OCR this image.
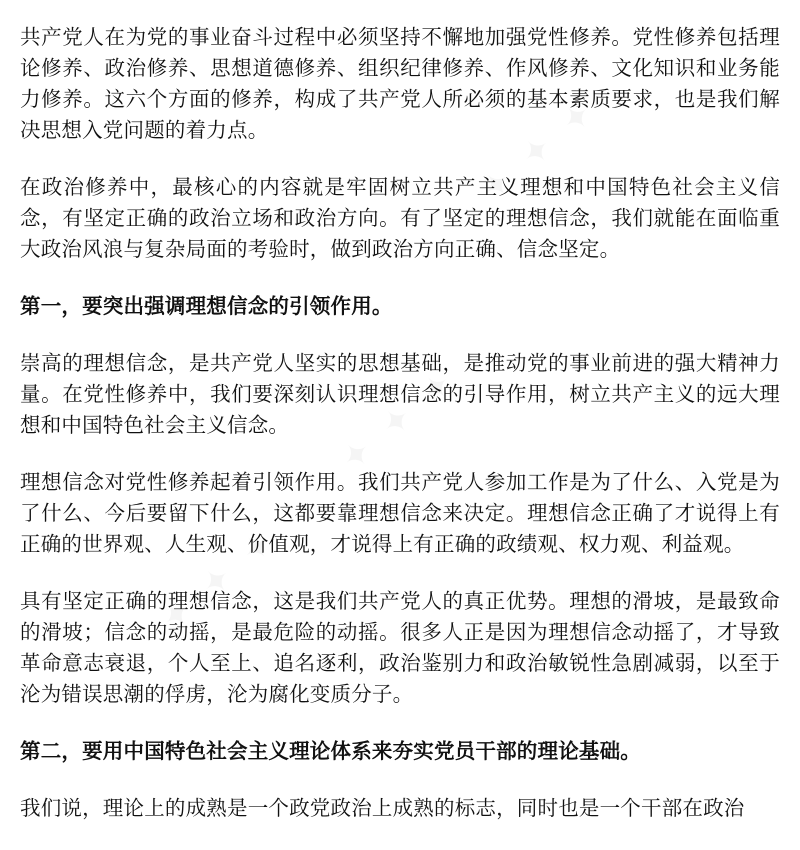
✦ ✦ ✦
✦ ✦ ✦
✦ ✦ ✦

共产党人在为党的事业奋斗过程中必须坚持不懈地加强党性修养。党性修养包括理论修养、政治修养、思想道德修养、组织纪律修养、作风修养、文化知识和业务能力修养。这六个方面的修养，构成了共产党人所必须的基本素质要求，也是我们解决思想入党问题的着力点。

在政治修养中，最核心的内容就是牢固树立共产主义理想和中国特色社会主义信念，有坚定正确的政治立场和政治方向。有了坚定的理想信念，我们就能在面临重大政治风浪与复杂局面的考验时，做到政治方向正确、信念坚定。

第一，要突出强调理想信念的引领作用。

崇高的理想信念，是共产党人坚实的思想基础，是推动党的事业前进的强大精神力量。在党性修养中，我们要深刻认识理想信念的引导作用，树立共产主义的远大理想和中国特色社会主义信念。

理想信念对党性修养起着引领作用。我们共产党人参加工作是为了什么、入党是为了什么、今后要留下什么，这都要靠理想信念来决定。理想信念正确了才说得上有正确的世界观、人生观、价值观，才说得上有正确的政绩观、权力观、利益观。

具有坚定正确的理想信念，这是我们共产党人的真正优势。理想的滑坡，是最致命的滑坡；信念的动摇，是最危险的动摇。很多人正是因为理想信念动摇了，才导致革命意志衰退，个人至上、追名逐利，政治鉴别力和政治敏锐性急剧减弱，以至于沦为错误思潮的俘虏，沦为腐化变质分子。

第二，要用中国特色社会主义理论体系来夯实党员干部的理论基础。

我们说，理论上的成熟是一个政党政治上成熟的标志，同时也是一个干部在政治
